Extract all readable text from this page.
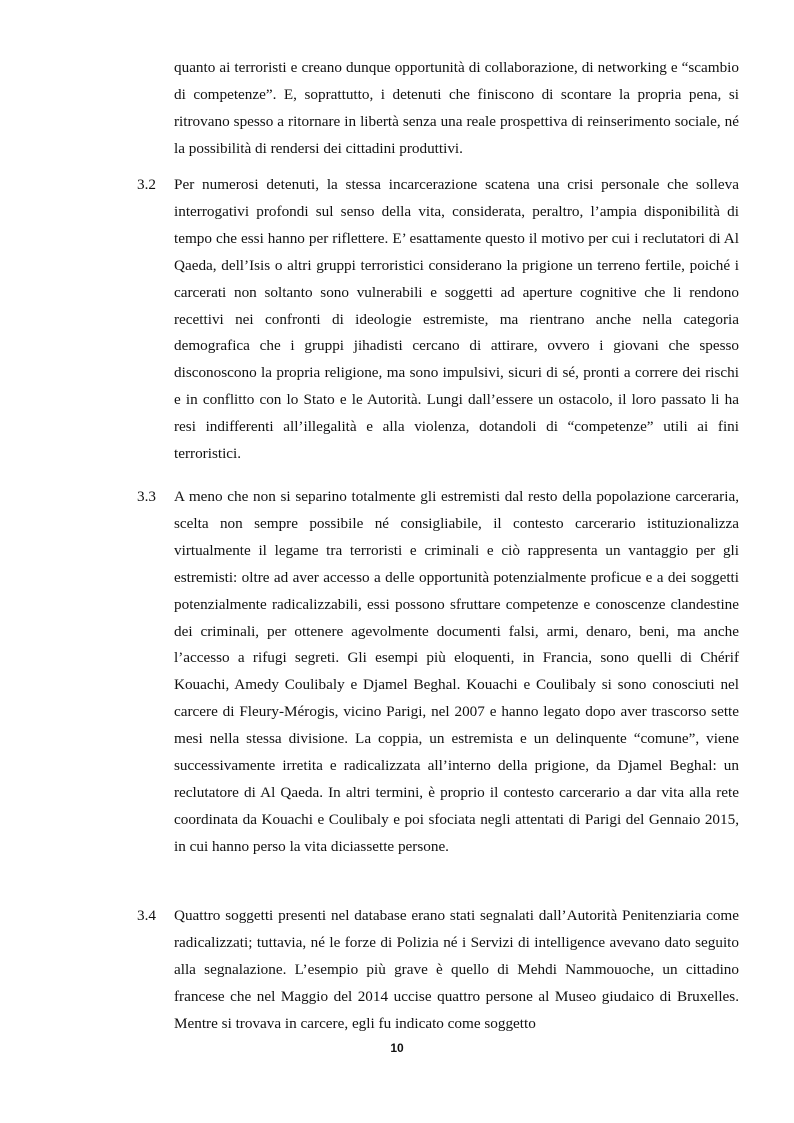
quanto ai terroristi e creano dunque opportunità di collaborazione, di networking e “scambio di competenze”. E, soprattutto, i detenuti che finiscono di scontare la propria pena, si ritrovano spesso a ritornare in libertà senza una reale prospettiva di reinserimento sociale, né la possibilità di rendersi dei cittadini produttivi.
3.2 Per numerosi detenuti, la stessa incarcerazione scatena una crisi personale che solleva interrogativi profondi sul senso della vita, considerata, peraltro, l’ampia disponibilità di tempo che essi hanno per riflettere. E’ esattamente questo il motivo per cui i reclutatori di Al Qaeda, dell’Isis o altri gruppi terroristici considerano la prigione un terreno fertile, poiché i carcerati non soltanto sono vulnerabili e soggetti ad aperture cognitive che li rendono recettivi nei confronti di ideologie estremiste, ma rientrano anche nella categoria demografica che i gruppi jihadisti cercano di attirare, ovvero i giovani che spesso disconoscono la propria religione, ma sono impulsivi, sicuri di sé, pronti a correre dei rischi e in conflitto con lo Stato e le Autorità. Lungi dall’essere un ostacolo, il loro passato li ha resi indifferenti all’illegalità e alla violenza, dotandoli di “competenze” utili ai fini terroristici.
3.3 A meno che non si separino totalmente gli estremisti dal resto della popolazione carceraria, scelta non sempre possibile né consigliabile, il contesto carcerario istituzionalizza virtualmente il legame tra terroristi e criminali e ciò rappresenta un vantaggio per gli estremisti: oltre ad aver accesso a delle opportunità potenzialmente proficue e a dei soggetti potenzialmente radicalizzabili, essi possono sfruttare competenze e conoscenze clandestine dei criminali, per ottenere agevolmente documenti falsi, armi, denaro, beni, ma anche l’accesso a rifugi segreti. Gli esempi più eloquenti, in Francia, sono quelli di Chérif Kouachi, Amedy Coulibaly e Djamel Beghal. Kouachi e Coulibaly si sono conosciuti nel carcere di Fleury-Mérogis, vicino Parigi, nel 2007 e hanno legato dopo aver trascorso sette mesi nella stessa divisione. La coppia, un estremista e un delinquente “comune”, viene successivamente irretita e radicalizzata all’interno della prigione, da Djamel Beghal: un reclutatore di Al Qaeda. In altri termini, è proprio il contesto carcerario a dar vita alla rete coordinata da Kouachi e Coulibaly e poi sfociata negli attentati di Parigi del Gennaio 2015, in cui hanno perso la vita diciassette persone.
3.4 Quattro soggetti presenti nel database erano stati segnalati dall’Autorità Penitenziaria come radicalizzati; tuttavia, né le forze di Polizia né i Servizi di intelligence avevano dato seguito alla segnalazione. L’esempio più grave è quello di Mehdi Nammouoche, un cittadino francese che nel Maggio del 2014 uccise quattro persone al Museo giudaico di Bruxelles. Mentre si trovava in carcere, egli fu indicato come soggetto
10
